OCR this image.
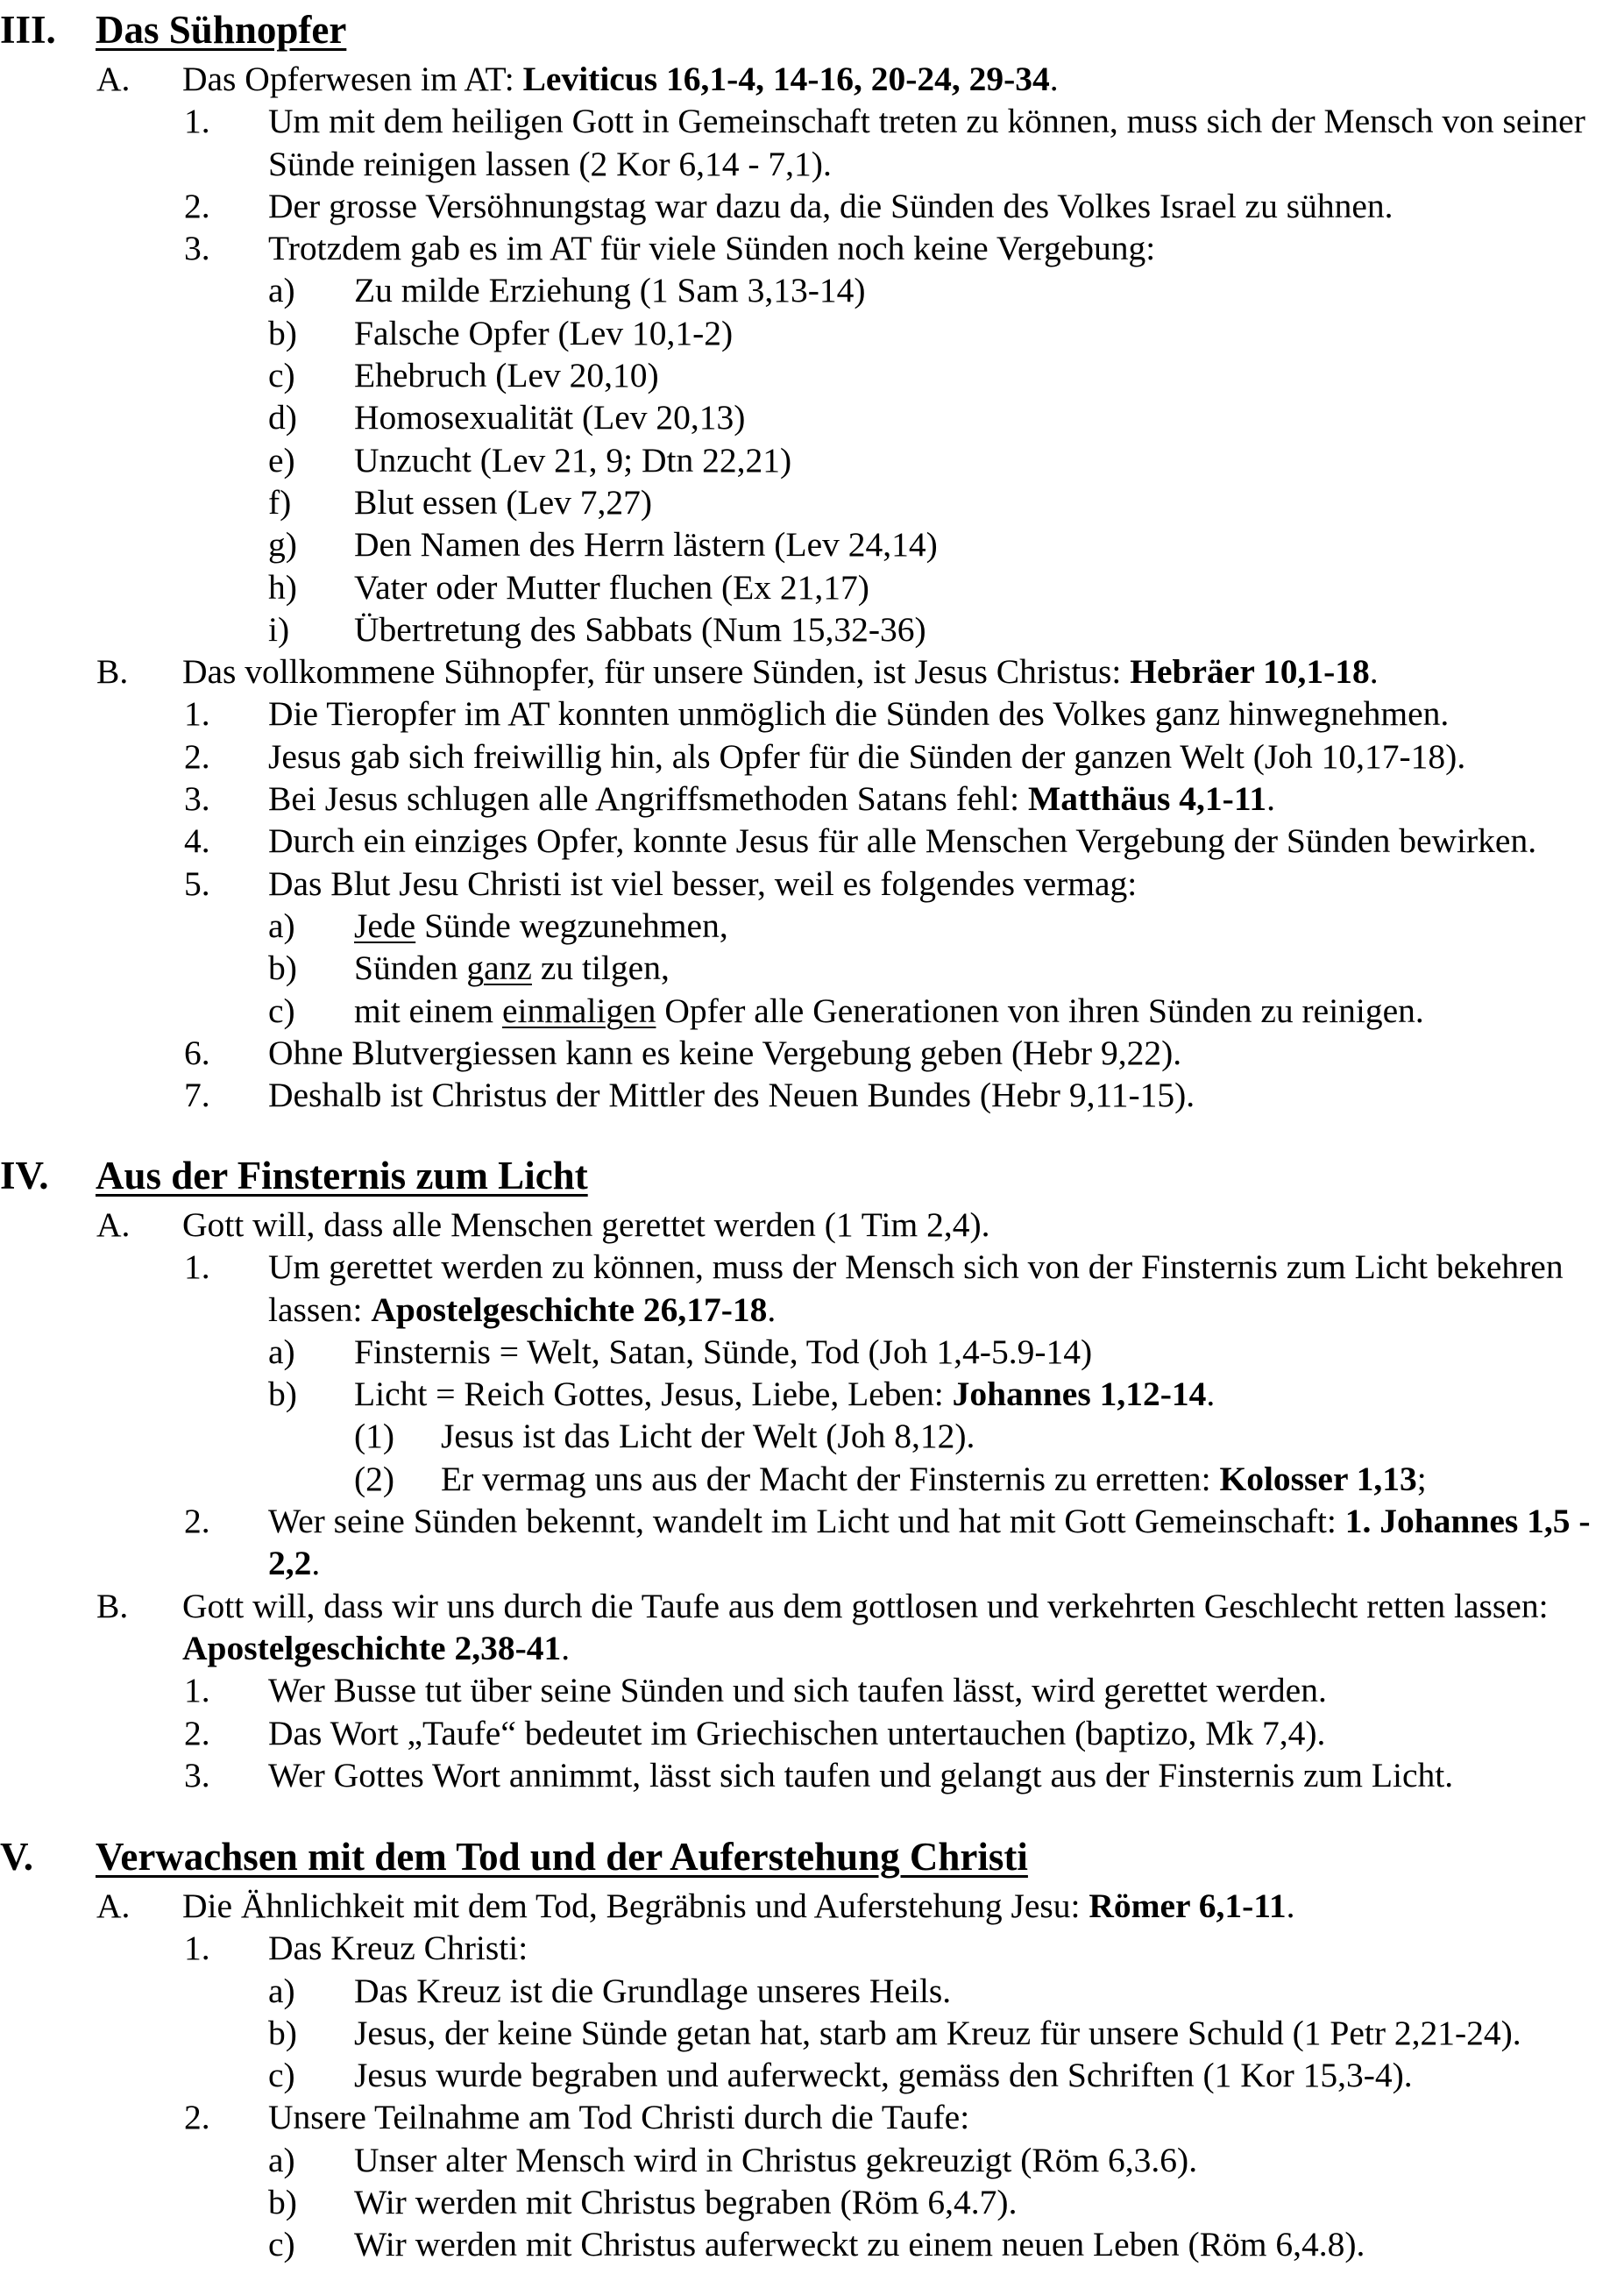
III. Das Sühnopfer
A. Das Opferwesen im AT: Leviticus 16,1-4, 14-16, 20-24, 29-34.
1. Um mit dem heiligen Gott in Gemeinschaft treten zu können, muss sich der Mensch von seiner Sünde reinigen lassen (2 Kor 6,14 - 7,1).
2. Der grosse Versöhnungstag war dazu da, die Sünden des Volkes Israel zu sühnen.
3. Trotzdem gab es im AT für viele Sünden noch keine Vergebung:
a) Zu milde Erziehung (1 Sam 3,13-14)
b) Falsche Opfer (Lev 10,1-2)
c) Ehebruch (Lev 20,10)
d) Homosexualität (Lev 20,13)
e) Unzucht (Lev 21, 9; Dtn 22,21)
f) Blut essen (Lev 7,27)
g) Den Namen des Herrn lästern (Lev 24,14)
h) Vater oder Mutter fluchen (Ex 21,17)
i) Übertretung des Sabbats (Num 15,32-36)
B. Das vollkommene Sühnopfer, für unsere Sünden, ist Jesus Christus: Hebräer 10,1-18.
1. Die Tieropfer im AT konnten unmöglich die Sünden des Volkes ganz hinwegnehmen.
2. Jesus gab sich freiwillig hin, als Opfer für die Sünden der ganzen Welt (Joh 10,17-18).
3. Bei Jesus schlugen alle Angriffsmethoden Satans fehl: Matthäus 4,1-11.
4. Durch ein einziges Opfer, konnte Jesus für alle Menschen Vergebung der Sünden bewirken.
5. Das Blut Jesu Christi ist viel besser, weil es folgendes vermag:
a) Jede Sünde wegzunehmen,
b) Sünden ganz zu tilgen,
c) mit einem einmaligen Opfer alle Generationen von ihren Sünden zu reinigen.
6. Ohne Blutvergiessen kann es keine Vergebung geben (Hebr 9,22).
7. Deshalb ist Christus der Mittler des Neuen Bundes (Hebr 9,11-15).
IV. Aus der Finsternis zum Licht
A. Gott will, dass alle Menschen gerettet werden (1 Tim 2,4).
1. Um gerettet werden zu können, muss der Mensch sich von der Finsternis zum Licht bekehren lassen: Apostelgeschichte 26,17-18.
a) Finsternis = Welt, Satan, Sünde, Tod (Joh 1,4-5.9-14)
b) Licht = Reich Gottes, Jesus, Liebe, Leben: Johannes 1,12-14.
(1) Jesus ist das Licht der Welt (Joh 8,12).
(2) Er vermag uns aus der Macht der Finsternis zu erretten: Kolosser 1,13;
2. Wer seine Sünden bekennt, wandelt im Licht und hat mit Gott Gemeinschaft: 1. Johannes 1,5 - 2,2.
B. Gott will, dass wir uns durch die Taufe aus dem gottlosen und verkehrten Geschlecht retten lassen: Apostelgeschichte 2,38-41.
1. Wer Busse tut über seine Sünden und sich taufen lässt, wird gerettet werden.
2. Das Wort „Taufe“ bedeutet im Griechischen untertauchen (baptizo, Mk 7,4).
3. Wer Gottes Wort annimmt, lässt sich taufen und gelangt aus der Finsternis zum Licht.
V. Verwachsen mit dem Tod und der Auferstehung Christi
A. Die Ähnlichkeit mit dem Tod, Begräbnis und Auferstehung Jesu: Römer 6,1-11.
1. Das Kreuz Christi:
a) Das Kreuz ist die Grundlage unseres Heils.
b) Jesus, der keine Sünde getan hat, starb am Kreuz für unsere Schuld (1 Petr 2,21-24).
c) Jesus wurde begraben und auferweckt, gemäss den Schriften (1 Kor 15,3-4).
2. Unsere Teilnahme am Tod Christi durch die Taufe:
a) Unser alter Mensch wird in Christus gekreuzigt (Röm 6,3.6).
b) Wir werden mit Christus begraben (Röm 6,4.7).
c) Wir werden mit Christus auferweckt zu einem neuen Leben (Röm 6,4.8).
